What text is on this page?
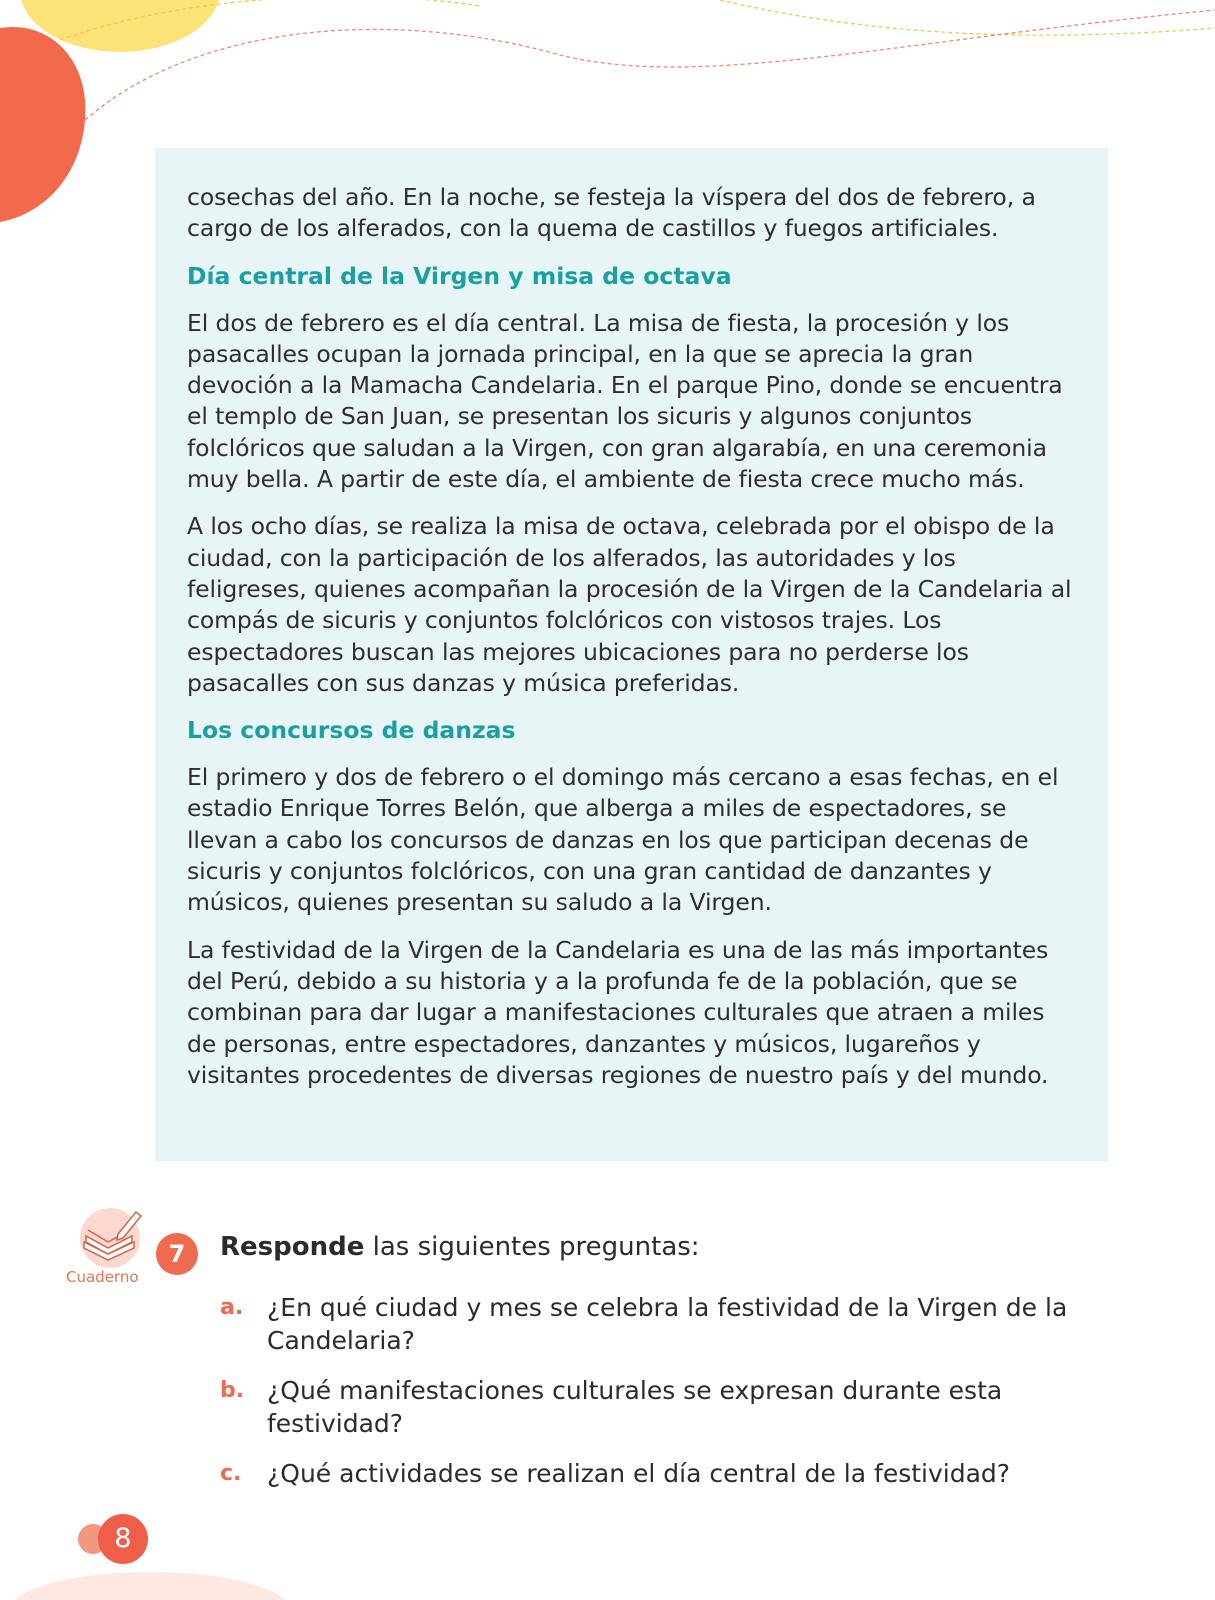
cosechas del año. En la noche, se festeja la víspera del dos de febrero, a cargo de los alferados, con la quema de castillos y fuegos artificiales.

Día central de la Virgen y misa de octava

El dos de febrero es el día central. La misa de fiesta, la procesión y los pasacalles ocupan la jornada principal, en la que se aprecia la gran devoción a la Mamacha Candelaria. En el parque Pino, donde se encuentra el templo de San Juan, se presentan los sicuris y algunos conjuntos folclóricos que saludan a la Virgen, con gran algarabía, en una ceremonia muy bella. A partir de este día, el ambiente de fiesta crece mucho más.

A los ocho días, se realiza la misa de octava, celebrada por el obispo de la ciudad, con la participación de los alferados, las autoridades y los feligreses, quienes acompañan la procesión de la Virgen de la Candelaria al compás de sicuris y conjuntos folclóricos con vistosos trajes. Los espectadores buscan las mejores ubicaciones para no perderse los pasacalles con sus danzas y música preferidas.

Los concursos de danzas

El primero y dos de febrero o el domingo más cercano a esas fechas, en el estadio Enrique Torres Belón, que alberga a miles de espectadores, se llevan a cabo los concursos de danzas en los que participan decenas de sicuris y conjuntos folclóricos, con una gran cantidad de danzantes y músicos, quienes presentan su saludo a la Virgen.

La festividad de la Virgen de la Candelaria es una de las más importantes del Perú, debido a su historia y a la profunda fe de la población, que se combinan para dar lugar a manifestaciones culturales que atraen a miles de personas, entre espectadores, danzantes y músicos, lugareños y visitantes procedentes de diversas regiones de nuestro país y del mundo.

Cuaderno
7	Responde las siguientes preguntas:
a. ¿En qué ciudad y mes se celebra la festividad de la Virgen de la Candelaria?
b. ¿Qué manifestaciones culturales se expresan durante esta festividad?
c. ¿Qué actividades se realizan el día central de la festividad?
8
